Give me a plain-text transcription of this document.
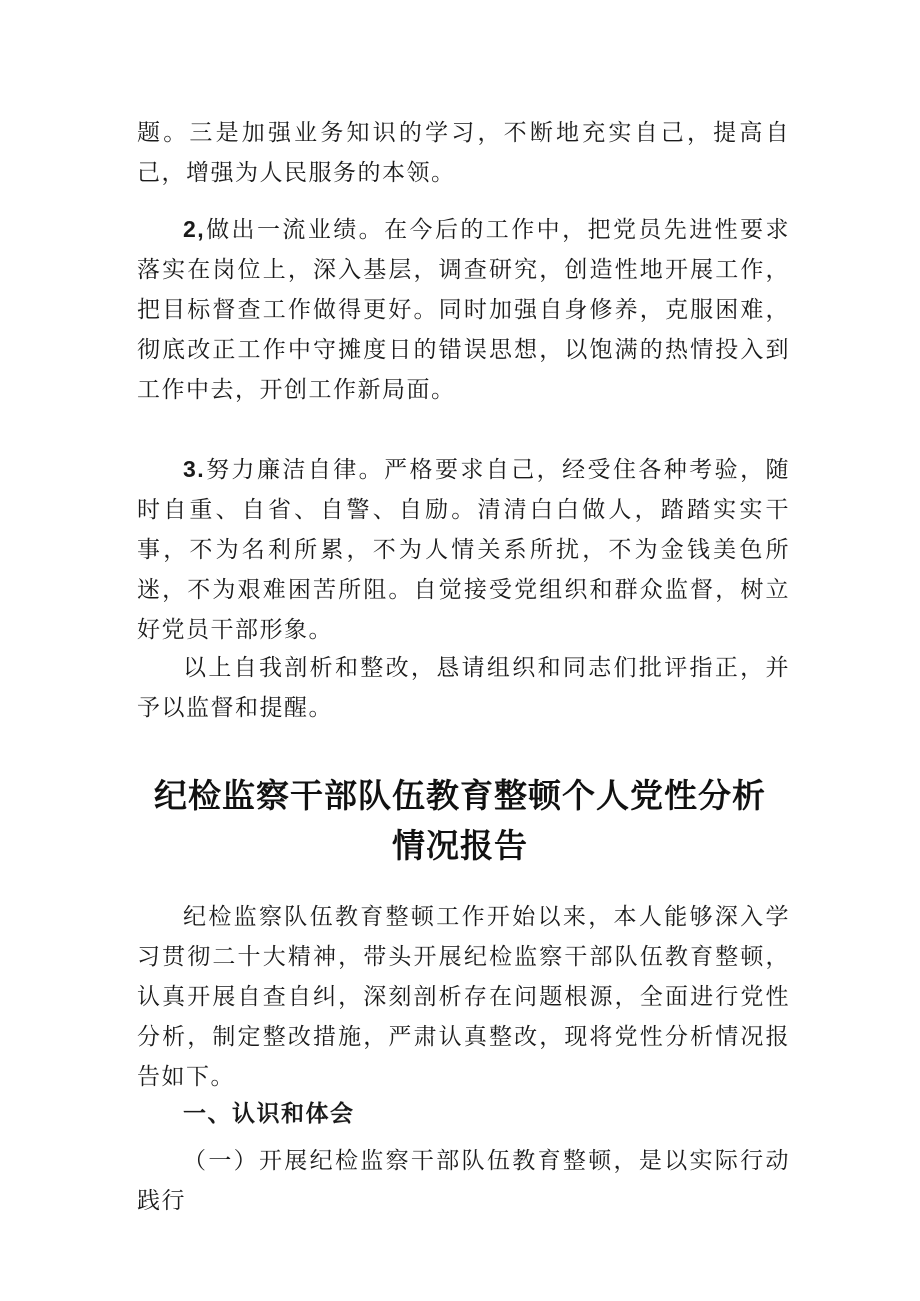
题。三是加强业务知识的学习，不断地充实自己，提高自己，增强为人民服务的本领。

2,做出一流业绩。在今后的工作中，把党员先进性要求落实在岗位上，深入基层，调查研究，创造性地开展工作，把目标督查工作做得更好。同时加强自身修养，克服困难，彻底改正工作中守摊度日的错误思想，以饱满的热情投入到工作中去，开创工作新局面。

3.努力廉洁自律。严格要求自己，经受住各种考验，随时自重、自省、自警、自励。清清白白做人，踏踏实实干事，不为名利所累，不为人情关系所扰，不为金钱美色所迷，不为艰难困苦所阻。自觉接受党组织和群众监督，树立好党员干部形象。

以上自我剖析和整改，恳请组织和同志们批评指正，并予以监督和提醒。

纪检监察干部队伍教育整顿个人党性分析
情况报告

纪检监察队伍教育整顿工作开始以来，本人能够深入学习贯彻二十大精神，带头开展纪检监察干部队伍教育整顿，认真开展自查自纠，深刻剖析存在问题根源，全面进行党性分析，制定整改措施，严肃认真整改，现将党性分析情况报告如下。

一、认识和体会

（一）开展纪检监察干部队伍教育整顿，是以实际行动践行
